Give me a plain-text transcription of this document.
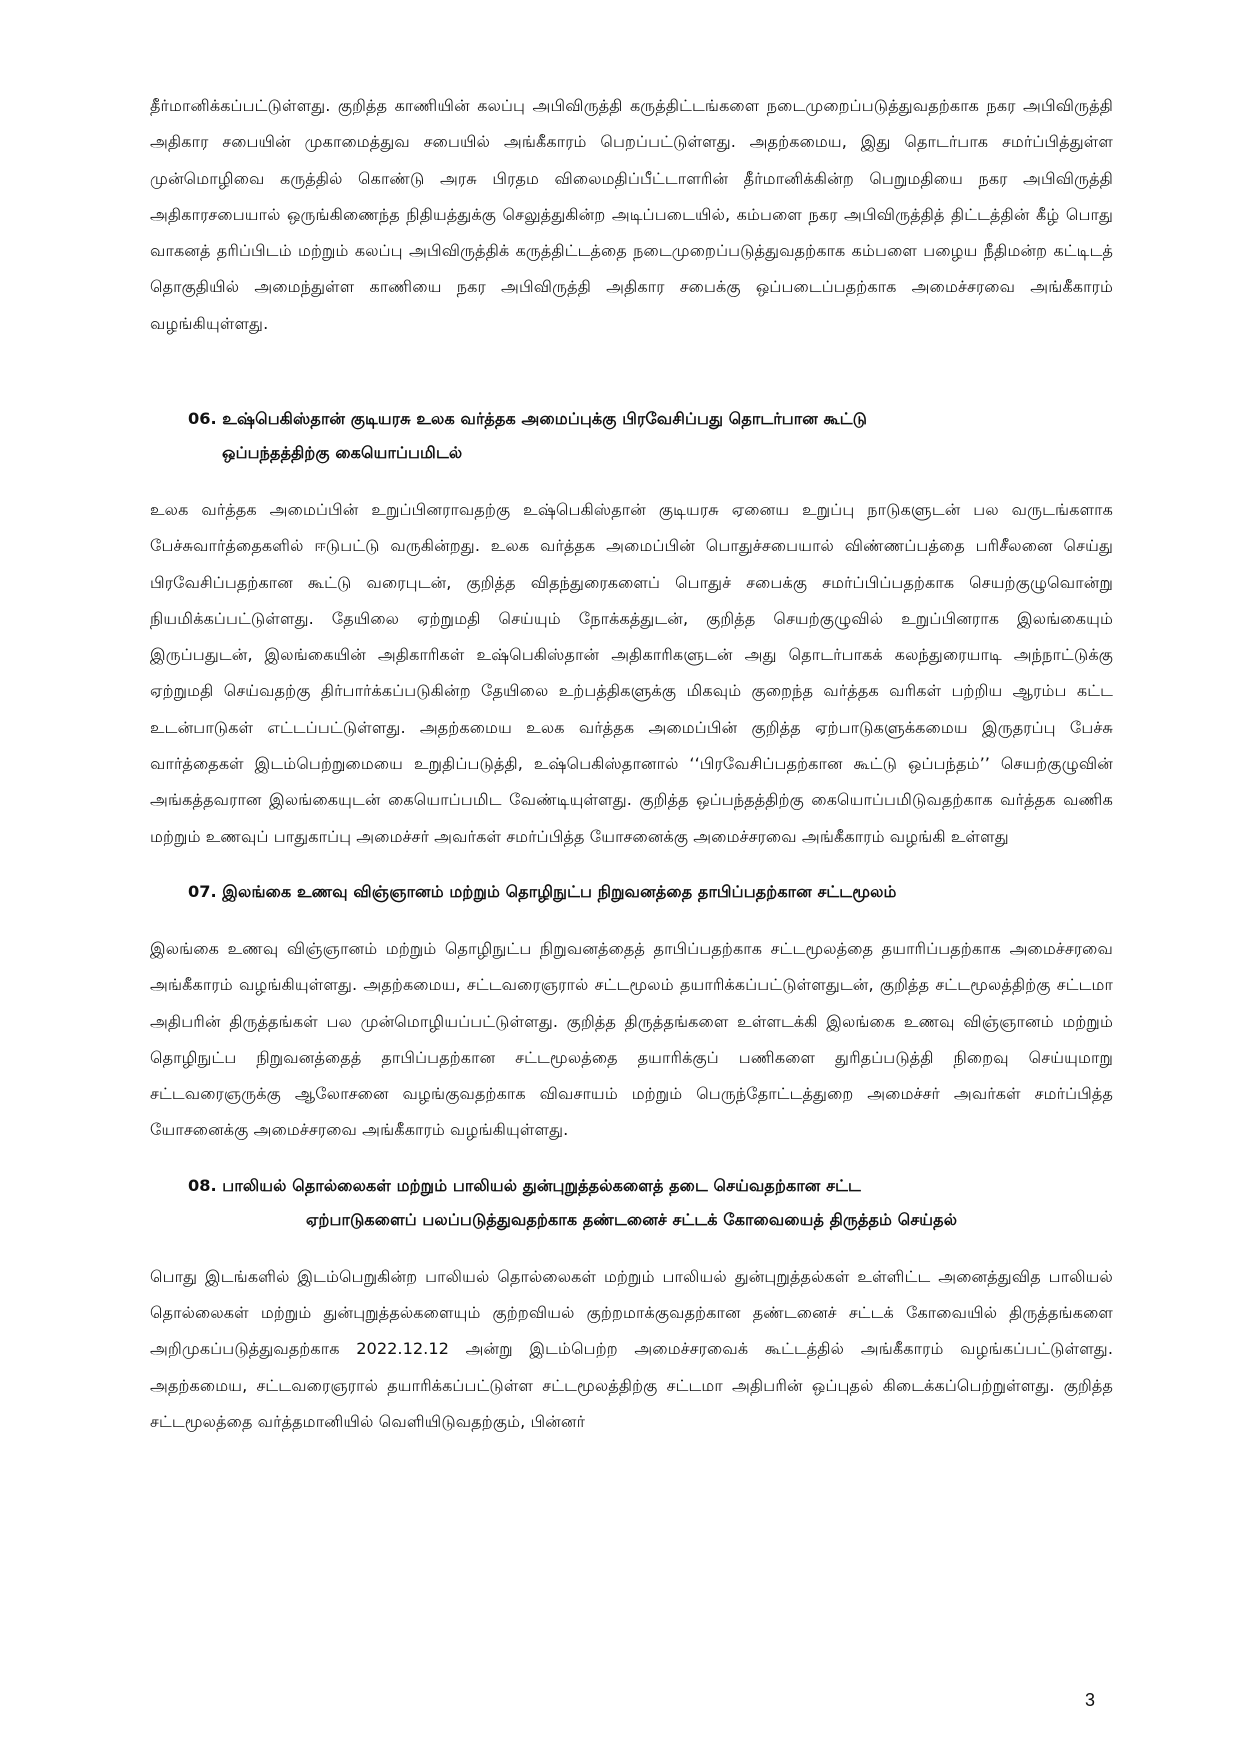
தீர்மானிக்கப்பட்டுள்ளது. குறித்த காணியின் கலப்பு அபிவிருத்தி கருத்திட்டங்களை நடைமுறைப்படுத்துவதற்காக நகர அபிவிருத்தி அதிகார சபையின் முகாமைத்துவ சபையில் அங்கீகாரம் பெறப்பட்டுள்ளது. அதற்கமைய, இது தொடர்பாக சமர்ப்பித்துள்ள முன்மொழிவை கருத்தில் கொண்டு அரசு பிரதம விலைமதிப்பீட்டாளரின் தீர்மானிக்கின்ற பெறுமதியை நகர அபிவிருத்தி அதிகாரசபையால் ஒருங்கிணைந்த நிதியத்துக்கு செலுத்துகின்ற அடிப்படையில், கம்பளை நகர அபிவிருத்தித் திட்டத்தின் கீழ் பொது வாகனத் தரிப்பிடம் மற்றும் கலப்பு அபிவிருத்திக் கருத்திட்டத்தை நடைமுறைப்படுத்துவதற்காக கம்பளை பழைய நீதிமன்ற கட்டிடத் தொகுதியில் அமைந்துள்ள காணியை நகர அபிவிருத்தி அதிகார சபைக்கு ஒப்படைப்பதற்காக அமைச்சரவை அங்கீகாரம் வழங்கியுள்ளது.

06. உஷ்பெகிஸ்தான் குடியரசு உலக வர்த்தக அமைப்புக்கு பிரவேசிப்பது தொடர்பான கூட்டு

ஒப்பந்தத்திற்கு கையொப்பமிடல்

உலக வர்த்தக அமைப்பின் உறுப்பினராவதற்கு உஷ்பெகிஸ்தான் குடியரசு ஏனைய உறுப்பு நாடுகளுடன் பல வருடங்களாக பேச்சுவார்த்தைகளில் ஈடுபட்டு வருகின்றது. உலக வர்த்தக அமைப்பின் பொதுச்சபையால் விண்ணப்பத்தை பரிசீலனை செய்து பிரவேசிப்பதற்கான கூட்டு வரைபுடன், குறித்த விதந்துரைகளைப் பொதுச் சபைக்கு சமர்ப்பிப்பதற்காக செயற்குழுவொன்று நியமிக்கப்பட்டுள்ளது. தேயிலை ஏற்றுமதி செய்யும் நோக்கத்துடன், குறித்த செயற்குழுவில் உறுப்பினராக இலங்கையும் இருப்பதுடன், இலங்கையின் அதிகாரிகள் உஷ்பெகிஸ்தான் அதிகாரிகளுடன் அது தொடர்பாகக் கலந்துரையாடி அந்நாட்டுக்கு ஏற்றுமதி செய்வதற்கு திர்பார்க்கப்படுகின்ற தேயிலை உற்பத்திகளுக்கு மிகவும் குறைந்த வர்த்தக வரிகள் பற்றிய ஆரம்ப கட்ட உடன்பாடுகள் எட்டப்பட்டுள்ளது. அதற்கமைய உலக வர்த்தக அமைப்பின் குறித்த ஏற்பாடுகளுக்கமைய இருதரப்பு பேச்சு வார்த்தைகள் இடம்பெற்றுமையை உறுதிப்படுத்தி, உஷ்பெகிஸ்தானால் ‘‘பிரவேசிப்பதற்கான கூட்டு ஒப்பந்தம்’’ செயற்குழுவின் அங்கத்தவரான இலங்கையுடன் கையொப்பமிட வேண்டியுள்ளது. குறித்த ஒப்பந்தத்திற்கு கையொப்பமிடுவதற்காக வர்த்தக வணிக மற்றும் உணவுப் பாதுகாப்பு அமைச்சர் அவர்கள் சமர்ப்பித்த யோசனைக்கு அமைச்சரவை அங்கீகாரம் வழங்கி உள்ளது

07. இலங்கை உணவு விஞ்ஞானம் மற்றும் தொழிநுட்ப நிறுவனத்தை தாபிப்பதற்கான சட்டமூலம்

இலங்கை உணவு விஞ்ஞானம் மற்றும் தொழிநுட்ப நிறுவனத்தைத் தாபிப்பதற்காக சட்டமூலத்தை தயாரிப்பதற்காக அமைச்சரவை அங்கீகாரம் வழங்கியுள்ளது. அதற்கமைய, சட்டவரைஞரால் சட்டமூலம் தயாரிக்கப்பட்டுள்ளதுடன், குறித்த சட்டமூலத்திற்கு சட்டமா அதிபரின் திருத்தங்கள் பல முன்மொழியப்பட்டுள்ளது. குறித்த திருத்தங்களை உள்ளடக்கி இலங்கை உணவு விஞ்ஞானம் மற்றும் தொழிநுட்ப நிறுவனத்தைத் தாபிப்பதற்கான சட்டமூலத்தை தயாரிக்குப் பணிகளை துரிதப்படுத்தி நிறைவு செய்யுமாறு சட்டவரைஞருக்கு ஆலோசனை வழங்குவதற்காக விவசாயம் மற்றும் பெருந்தோட்டத்துறை அமைச்சர் அவர்கள் சமர்ப்பித்த யோசனைக்கு அமைச்சரவை அங்கீகாரம் வழங்கியுள்ளது.

08. பாலியல் தொல்லைகள் மற்றும் பாலியல் துன்புறுத்தல்களைத் தடை செய்வதற்கான சட்ட

ஏற்பாடுகளைப் பலப்படுத்துவதற்காக தண்டனைச் சட்டக் கோவையைத் திருத்தம் செய்தல்

பொது இடங்களில் இடம்பெறுகின்ற பாலியல் தொல்லைகள் மற்றும் பாலியல் துன்புறுத்தல்கள் உள்ளிட்ட அனைத்துவித பாலியல் தொல்லைகள் மற்றும் துன்புறுத்தல்களையும் குற்றவியல் குற்றமாக்குவதற்கான தண்டனைச் சட்டக் கோவையில் திருத்தங்களை அறிமுகப்படுத்துவதற்காக 2022.12.12 அன்று இடம்பெற்ற அமைச்சரவைக் கூட்டத்தில் அங்கீகாரம் வழங்கப்பட்டுள்ளது. அதற்கமைய, சட்டவரைஞரால் தயாரிக்கப்பட்டுள்ள சட்டமூலத்திற்கு சட்டமா அதிபரின் ஒப்புதல் கிடைக்கப்பெற்றுள்ளது. குறித்த சட்டமூலத்தை வர்த்தமானியில் வெளியிடுவதற்கும், பின்னர்

3
